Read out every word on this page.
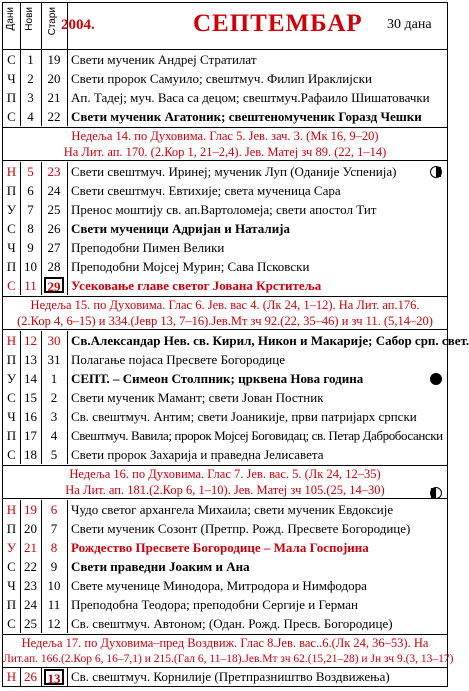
Дани Нови Стари 2004.	СЕПТЕМБАР 30 дана
С 1	19 Свети мученик Андреј Стратилат
Ч 2	20 Свети пророк Самуило; свештмуч. Филип Ираклијски
П 3	21 Ап. Тадеј; муч. Васа са децом; свештмуч.Рафаило Шишатовачки
С 4	22 Свети мученик Агатоник; свештеномученик Горазд Чешки
Недеља 14. по Духовима. Глас 5. Јев. зач. 3. (Мк 16, 9–20)
На Лит. ап. 170. (2.Кор 1, 21–2,4). Јев. Матеј зч 89. (22, 1–14)
Н 5	23 Свети свештмуч. Иринеј; мученик Луп (Оданије Успенија)
П 6	24 Свети свештмуч. Евтихије; света мученица Сара
У 7	25 Пренос моштију св. ап.Вартоломеја; свети апостол Тит
С 8	26 Свети мученици Адријан и Наталија
Ч 9	27 Преподобни Пимен Велики
П 10 28 Преподобни Мојсеј Мурин; Сава Псковски
С 11 29 Усековање главе светог Јована Крститеља
Недеља 15. по Духовима. Глас 6. Јев. вас 4. (Лк 24, 1–12). На Лит. ап.176.
(2.Кор 4, 6–15) и 334.(Јевр 13, 7–16).Јев.Мт зч 92.(22, 35–46) и зч 11. (5,14–20)
Н 12 30 Св.Александар Нев. св. Кирил, Никон и Макарије; Сабор срп. свет.
П 13 31 Полагање појаса Пресвете Богородице
У 14	1	СЕПТ. – Симеон Столпник; црквена Нова година
С 15	2	Свети мученик Мамант; свети Јован Постник
Ч 16	3	Св. свештмуч. Антим; свети Јоаникије, први патријарх српски
П 17	4	Свештмуч. Вавила; пророк Мојсеј Боговидац; св. Петар Дабробосански
С 18	5	Свети пророк Захарија и праведна Јелисавета
Недеља 16. по Духовима. Глас 7. Јев. вас. 5. (Лк 24, 12–35)
На Лит. ап. 181.(2.Кор 6, 1–10). Јев. Матеј зч 105.(25, 14–30)
Н 19	6	Чудо светог архангела Михаила; свети мученик Евдоксије
П 20	7	Свети мученик Созонт (Претпр. Рожд. Пресвете Богородице)
У 21	8	Рождество Пресвете Богородице – Мала Госпојина
С 22	9	Свети праведни Јоаким и Ана
Ч 23 10 Свете мученице Минодора, Митродора и Нимфодора
П 24 11 Преподобна Теодора; преподобни Сергије и Герман
С 25 12 Св. свештмуч. Автоном; (Одан. Рожд. Пресв. Богородице)
Недеља 17. по Духовима–пред Воздвиж. Глас 8.Јев. вас..6.(Лк 24, 36–53). На
Лит.ап. 166.(2.Кор 6, 16–7,1) и 215.(Гал 6, 11–18).Јев.Мт зч 62.(15,21–28) и Јн зч 9.(3, 13–17)
Н 26 13 Св. свештмуч. Корнилије (Претпразништво Воздвижења)
